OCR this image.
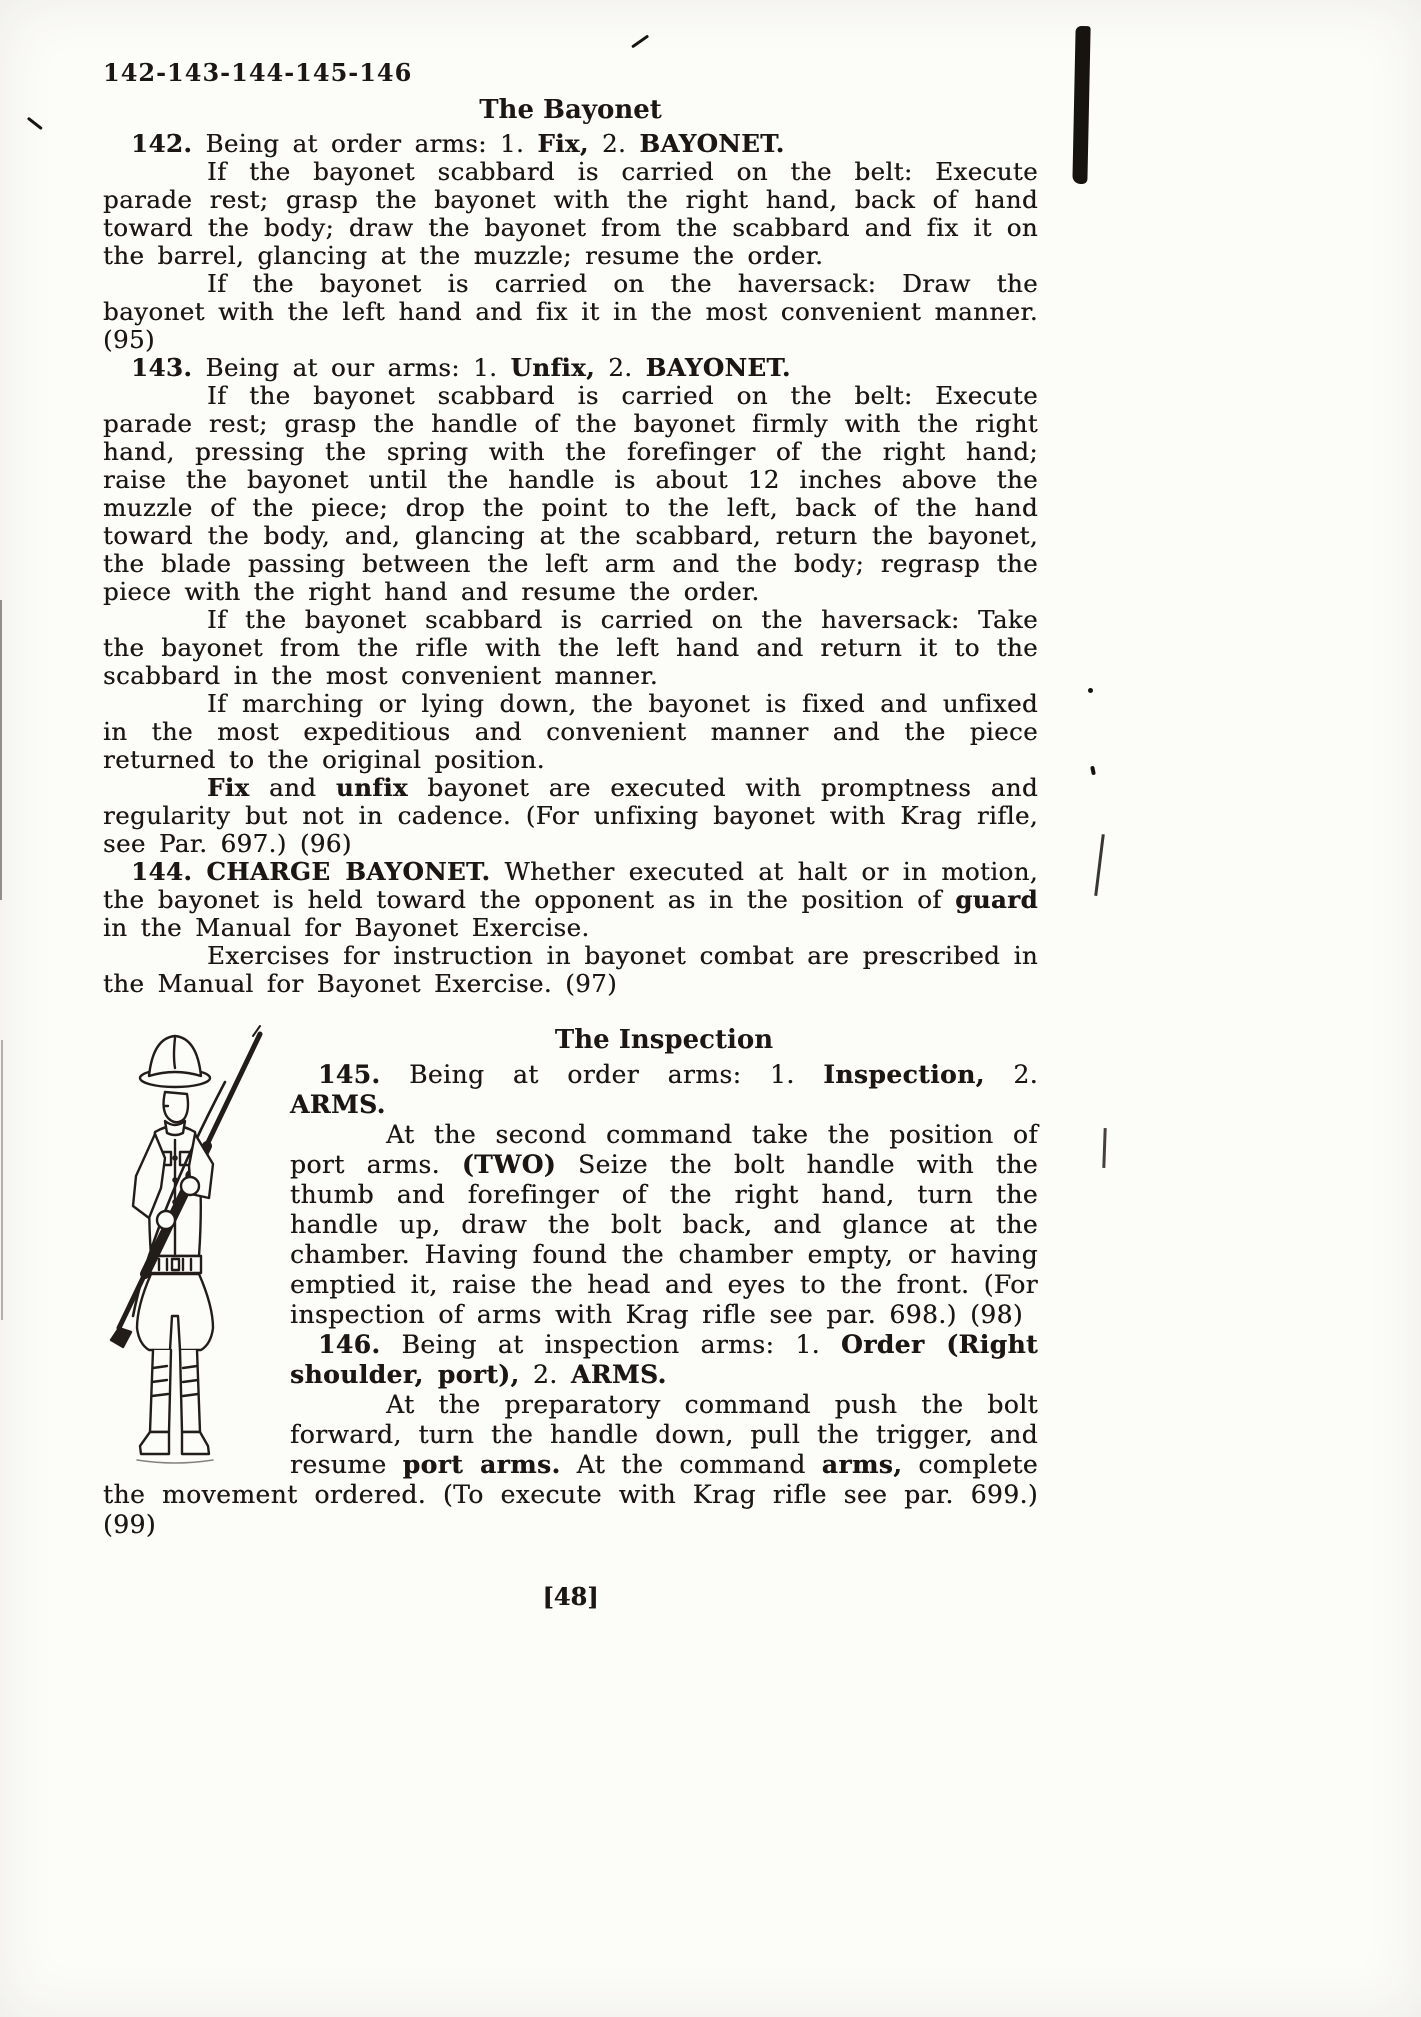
142-143-144-145-146
The Bayonet

142. Being at order arms: 1. Fix, 2. BAYONET.

If the bayonet scabbard is carried on the belt: Execute parade rest; grasp the bayonet with the right hand, back of hand toward the body; draw the bayonet from the scabbard and fix it on the barrel, glancing at the muzzle; resume the order.

If the bayonet is carried on the haversack: Draw the bayonet with the left hand and fix it in the most convenient manner. (95)

143. Being at our arms: 1. Unfix, 2. BAYONET.

If the bayonet scabbard is carried on the belt: Execute parade rest; grasp the handle of the bayonet firmly with the right hand, pressing the spring with the forefinger of the right hand; raise the bayonet until the handle is about 12 inches above the muzzle of the piece; drop the point to the left, back of the hand toward the body, and, glancing at the scabbard, return the bayonet, the blade passing between the left arm and the body; regrasp the piece with the right hand and resume the order.

If the bayonet scabbard is carried on the haversack: Take the bayonet from the rifle with the left hand and return it to the scabbard in the most convenient manner.

If marching or lying down, the bayonet is fixed and unfixed in the most expeditious and convenient manner and the piece returned to the original position.

Fix and unfix bayonet are executed with promptness and regularity but not in cadence. (For unfixing bayonet with Krag rifle, see Par. 697.) (96)

144. CHARGE BAYONET. Whether executed at halt or in motion, the bayonet is held toward the opponent as in the position of guard in the Manual for Bayonet Exercise.

Exercises for instruction in bayonet combat are prescribed in the Manual for Bayonet Exercise. (97)

The Inspection

145. Being at order arms: 1. Inspection, 2. ARMS.

At the second command take the position of port arms. (TWO) Seize the bolt handle with the thumb and forefinger of the right hand, turn the handle up, draw the bolt back, and glance at the chamber. Having found the chamber empty, or having emptied it, raise the head and eyes to the front. (For inspection of arms with Krag rifle see par. 698.) (98)

146. Being at inspection arms: 1. Order (Right shoulder, port), 2. ARMS.

At the preparatory command push the bolt forward, turn the handle down, pull the trigger, and resume port arms. At the command arms, complete the movement ordered. (To execute with Krag rifle see par. 699.) (99)

[48]
